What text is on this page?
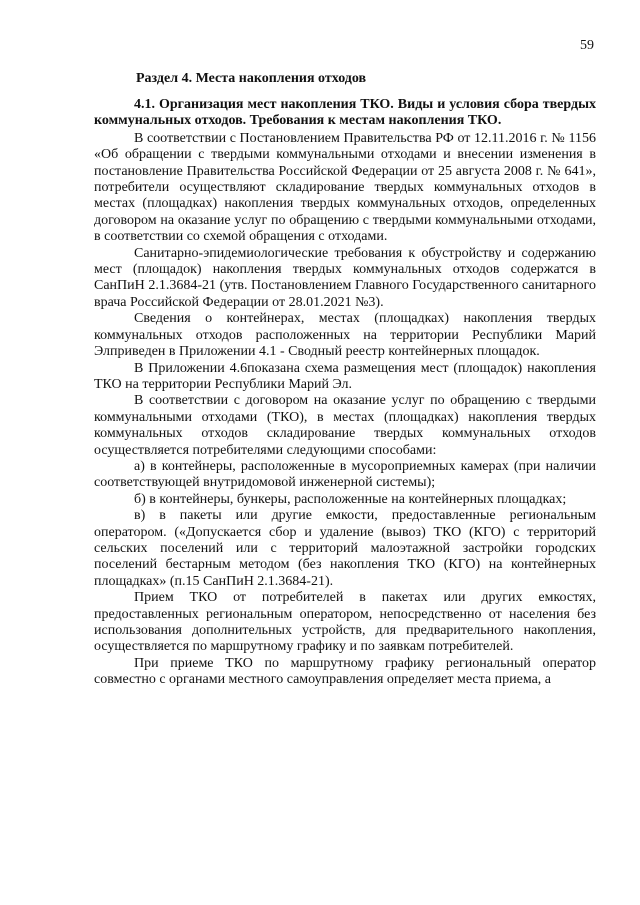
59
Раздел 4. Места накопления отходов

4.1. Организация мест накопления ТКО. Виды и условия сбора твердых коммунальных отходов. Требования к местам накопления ТКО.

В соответствии с Постановлением Правительства РФ от 12.11.2016 г. № 1156 «Об обращении с твердыми коммунальными отходами и внесении изменения в постановление Правительства Российской Федерации от 25 августа 2008 г. № 641», потребители осуществляют складирование твердых коммунальных отходов в местах (площадках) накопления твердых коммунальных отходов, определенных договором на оказание услуг по обращению с твердыми коммунальными отходами, в соответствии со схемой обращения с отходами.

Санитарно-эпидемиологические требования к обустройству и содержанию мест (площадок) накопления твердых коммунальных отходов содержатся в СанПиН 2.1.3684-21 (утв. Постановлением Главного Государственного санитарного врача Российской Федерации от 28.01.2021 №3).

Сведения о контейнерах, местах (площадках) накопления твердых коммунальных отходов расположенных на территории Республики Марий Элприведен в Приложении 4.1 - Сводный реестр контейнерных площадок.

В Приложении 4.6показана схема размещения мест (площадок) накопления ТКО на территории Республики Марий Эл.

В соответствии с договором на оказание услуг по обращению с твердыми коммунальными отходами (ТКО), в местах (площадках) накопления твердых коммунальных отходов складирование твердых коммунальных отходов осуществляется потребителями следующими способами:

а) в контейнеры, расположенные в мусороприемных камерах (при наличии соответствующей внутридомовой инженерной системы);

б) в контейнеры, бункеры, расположенные на контейнерных площадках;

в) в пакеты или другие емкости, предоставленные региональным оператором. («Допускается сбор и удаление (вывоз) ТКО (КГО) с территорий сельских поселений или с территорий малоэтажной застройки городских поселений бестарным методом (без накопления ТКО (КГО) на контейнерных площадках» (п.15 СанПиН 2.1.3684-21).

Прием ТКО от потребителей в пакетах или других емкостях, предоставленных региональным оператором, непосредственно от населения без использования дополнительных устройств, для предварительного накопления, осуществляется по маршрутному графику и по заявкам потребителей.

При приеме ТКО по маршрутному графику региональный оператор совместно с органами местного самоуправления определяет места приема, а
